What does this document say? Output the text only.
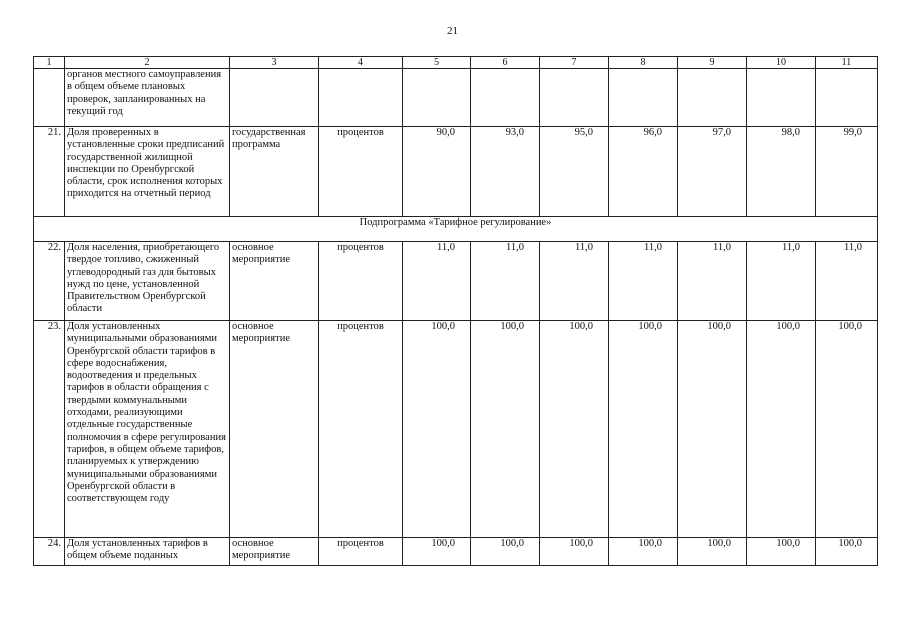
21
1	2	3	4	5	6	7	8	9	10	11
	органов местного самоуправления в общем объеме плановых проверок, запланированных на текущий год									
21.	Доля проверенных в установленные сроки предписаний государственной жилищной инспекции по Оренбургской области, срок исполнения которых приходится на отчетный период	государственная программа	процентов	90,0	93,0	95,0	96,0	97,0	98,0	99,0
Подпрограмма «Тарифное регулирование»										
22.	Доля населения, приобретающего твердое топливо, сжиженный углеводородный газ для бытовых нужд по цене, установленной Правительством Оренбургской области	основное мероприятие	процентов	11,0	11,0	11,0	11,0	11,0	11,0	11,0
23.	Доля установленных муниципальными образованиями Оренбургской области тарифов в сфере водоснабжения, водоотведения и предельных тарифов в области обращения с твердыми коммунальными отходами, реализующими отдельные государственные полномочия в сфере регулирования тарифов, в общем объеме тарифов, планируемых к утверждению муниципальными образованиями Оренбургской области в соответствующем году	основное мероприятие	процентов	100,0	100,0	100,0	100,0	100,0	100,0	100,0
24.	Доля установленных тарифов в общем объеме поданных	основное мероприятие	процентов	100,0	100,0	100,0	100,0	100,0	100,0	100,0
